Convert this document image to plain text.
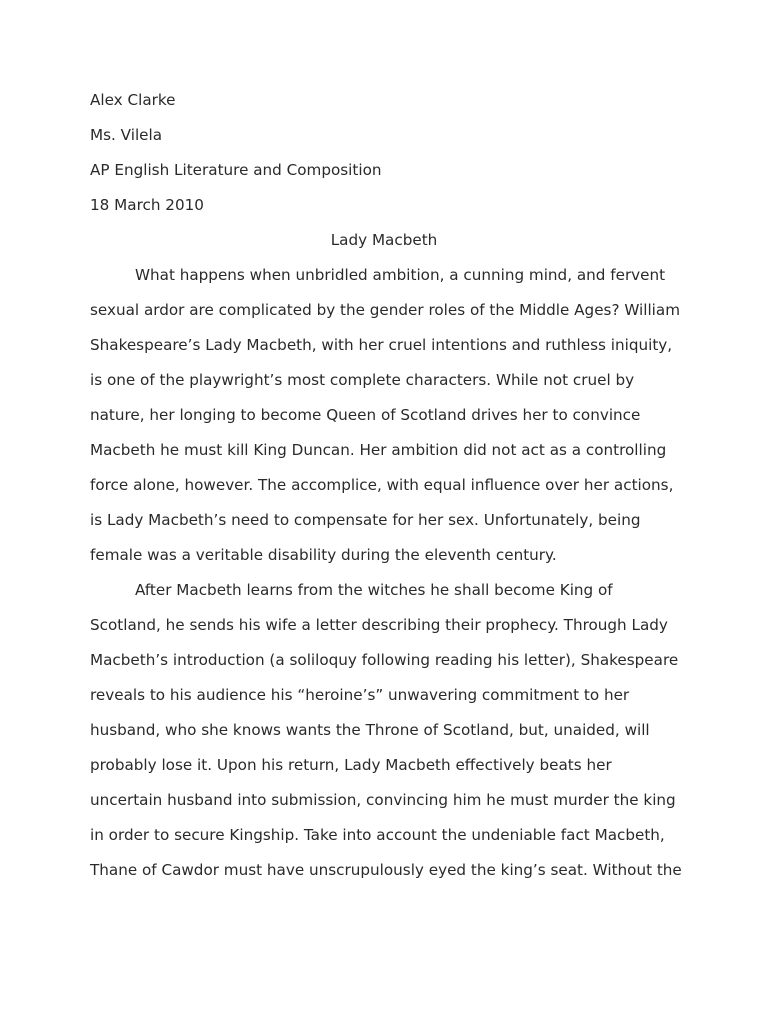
Alex Clarke
Ms. Vilela
AP English Literature and Composition
18 March 2010
Lady Macbeth
What happens when unbridled ambition, a cunning mind, and fervent
sexual ardor are complicated by the gender roles of the Middle Ages? William
Shakespeare’s Lady Macbeth, with her cruel intentions and ruthless iniquity,
is one of the playwright’s most complete characters. While not cruel by
nature, her longing to become Queen of Scotland drives her to convince
Macbeth he must kill King Duncan. Her ambition did not act as a controlling
force alone, however. The accomplice, with equal influence over her actions,
is Lady Macbeth’s need to compensate for her sex. Unfortunately, being
female was a veritable disability during the eleventh century.
After Macbeth learns from the witches he shall become King of
Scotland, he sends his wife a letter describing their prophecy. Through Lady
Macbeth’s introduction (a soliloquy following reading his letter), Shakespeare
reveals to his audience his “heroine’s” unwavering commitment to her
husband, who she knows wants the Throne of Scotland, but, unaided, will
probably lose it. Upon his return, Lady Macbeth effectively beats her
uncertain husband into submission, convincing him he must murder the king
in order to secure Kingship. Take into account the undeniable fact Macbeth,
Thane of Cawdor must have unscrupulously eyed the king’s seat. Without the
